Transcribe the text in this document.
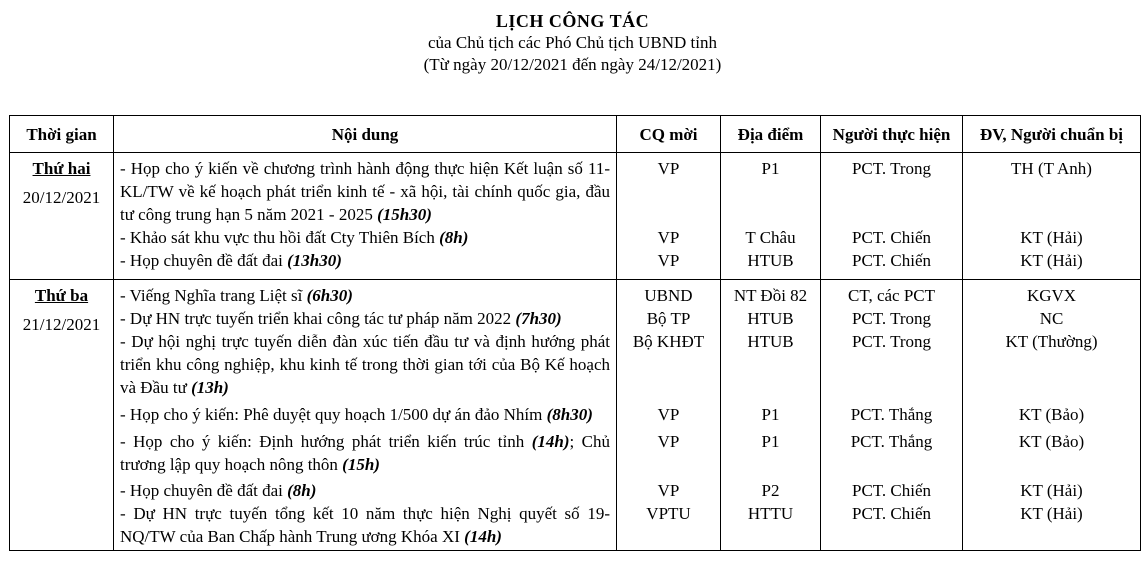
LỊCH CÔNG TÁC
của Chủ tịch các Phó Chủ tịch UBND tỉnh
(Từ ngày 20/12/2021 đến ngày 24/12/2021)
Thời gian	Nội dung	CQ mời	Địa điểm	Người thực hiện	ĐV, Người chuẩn bị

Thứ hai
20/12/2021	- Họp cho ý kiến về chương trình hành động thực hiện Kết luận số 11-KL/TW về kế hoạch phát triển kinh tế - xã hội, tài chính quốc gia, đầu tư công trung hạn 5 năm 2021 - 2025 (15h30)	VP	P1	PCT. Trong	TH (T Anh)
	- Khảo sát khu vực thu hồi đất Cty Thiên Bích (8h)	VP	T Châu	PCT. Chiến	KT (Hải)
	- Họp chuyên đề đất đai (13h30)	VP	HTUB	PCT. Chiến	KT (Hải)

Thứ ba
21/12/2021	- Viếng Nghĩa trang Liệt sĩ (6h30)	UBND	NT Đồi 82	CT, các PCT	KGVX
	- Dự HN trực tuyến triển khai công tác tư pháp năm 2022 (7h30)	Bộ TP	HTUB	PCT. Trong	NC
	- Dự hội nghị trực tuyến diễn đàn xúc tiến đầu tư và định hướng phát triển khu công nghiệp, khu kinh tế trong thời gian tới của Bộ Kế hoạch và Đầu tư (13h)	Bộ KHĐT	HTUB	PCT. Trong	KT (Thường)
	- Họp cho ý kiến: Phê duyệt quy hoạch 1/500 dự án đảo Nhím (8h30)	VP	P1	PCT. Thắng	KT (Bảo)
	- Họp cho ý kiến: Định hướng phát triển kiến trúc tỉnh (14h); Chủ trương lập quy hoạch nông thôn (15h)	VP	P1	PCT. Thắng	KT (Bảo)
	- Họp chuyên đề đất đai (8h)	VP	P2	PCT. Chiến	KT (Hải)
	- Dự HN trực tuyến tổng kết 10 năm thực hiện Nghị quyết số 19-NQ/TW của Ban Chấp hành Trung ương Khóa XI (14h)	VPTU	HTTU	PCT. Chiến	KT (Hải)
